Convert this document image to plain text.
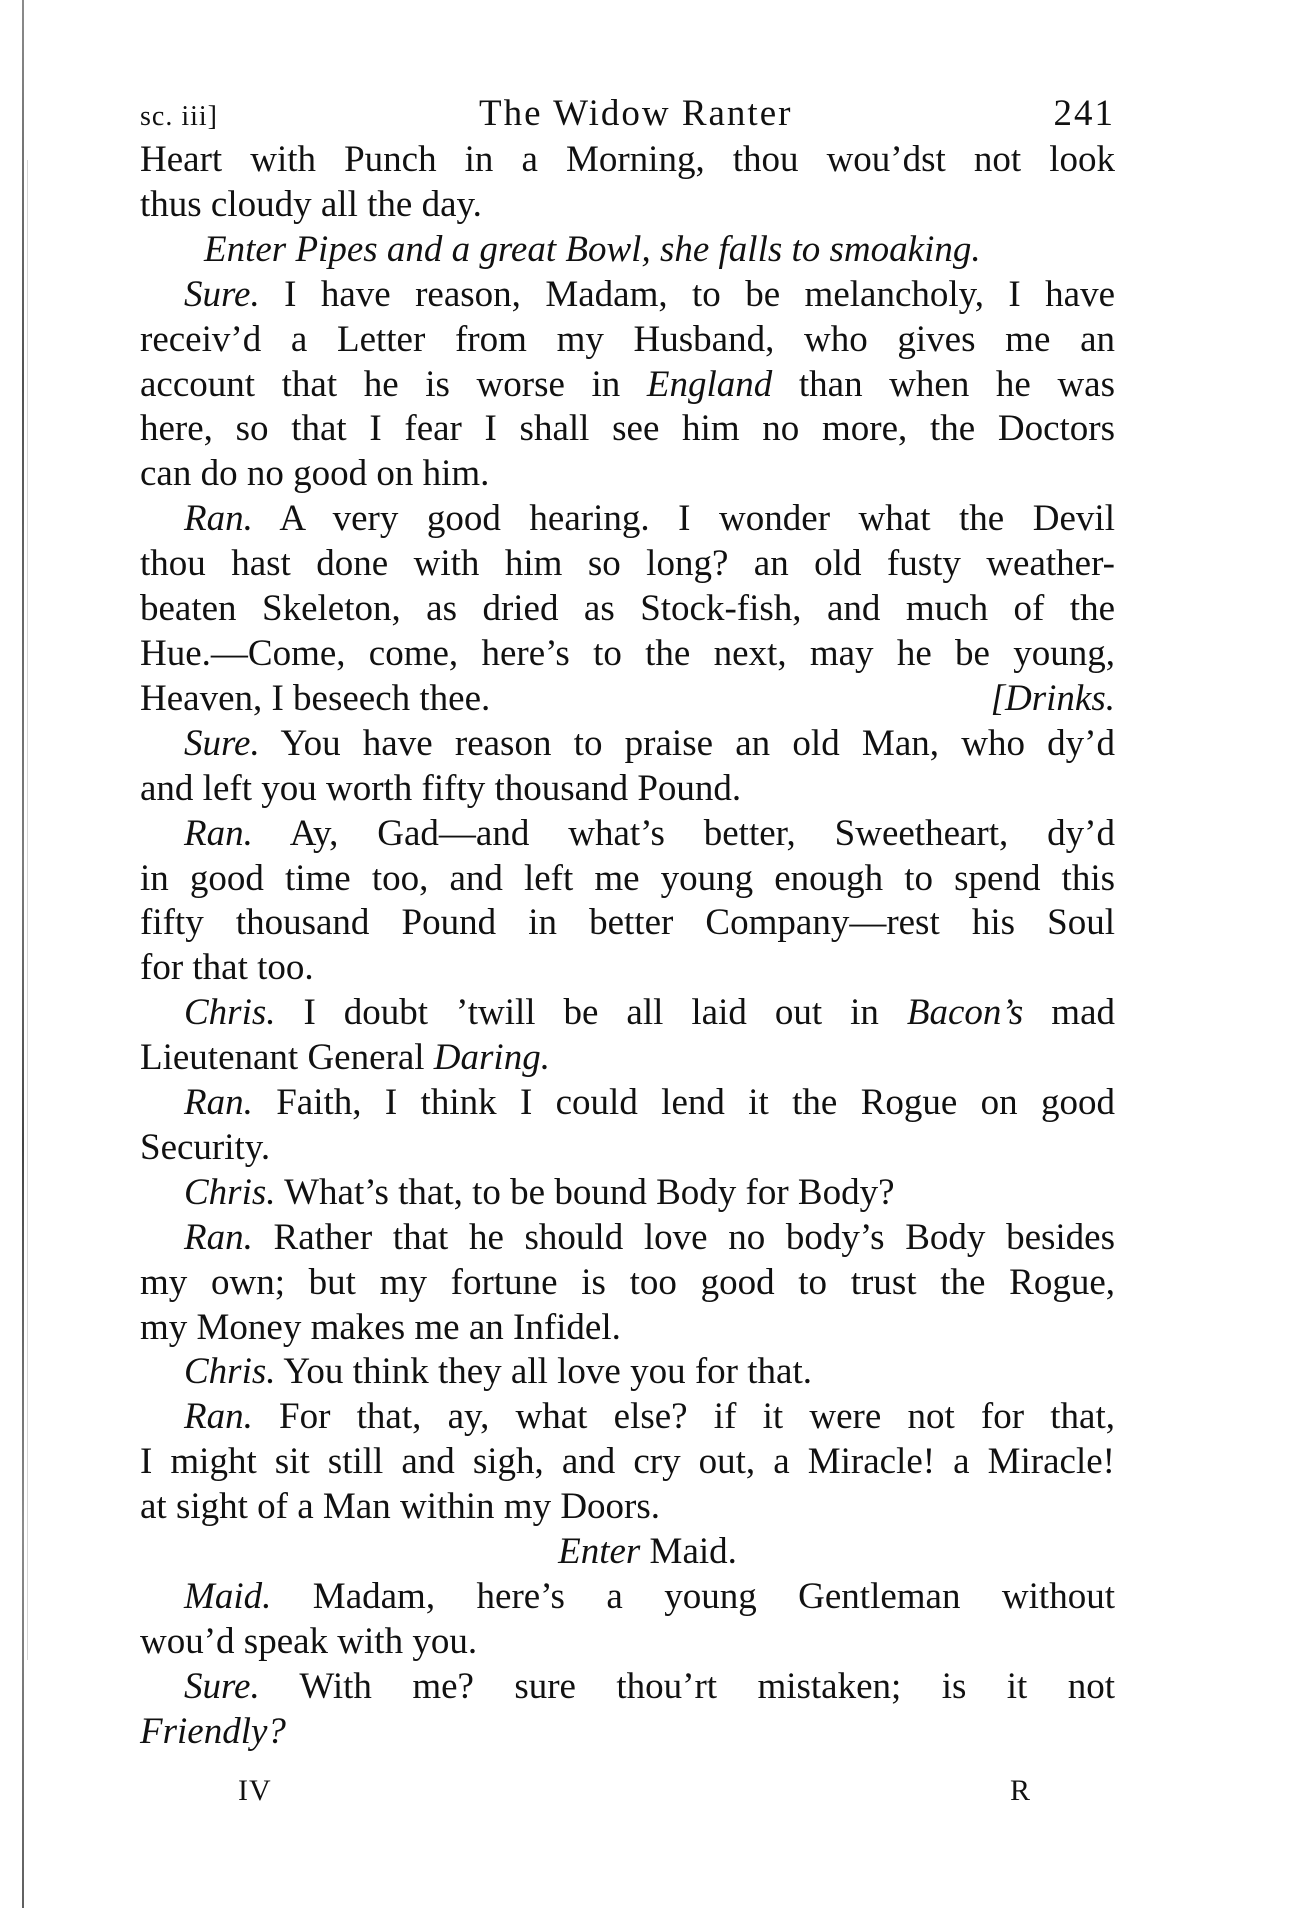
sc. iii]	The Widow Ranter	241
Heart with Punch in a Morning, thou wou’dst not look
thus cloudy all the day.
Enter Pipes and a great Bowl, she falls to smoaking.
Sure. I have reason, Madam, to be melancholy, I have
receiv’d a Letter from my Husband, who gives me an
account that he is worse in England than when he was
here, so that I fear I shall see him no more, the Doctors
can do no good on him.
Ran. A very good hearing. I wonder what the Devil
thou hast done with him so long? an old fusty weather-
beaten Skeleton, as dried as Stock-fish, and much of the
Hue.—Come, come, here’s to the next, may he be young,
Heaven, I beseech thee.	[Drinks.
Sure. You have reason to praise an old Man, who dy’d
and left you worth fifty thousand Pound.
Ran. Ay, Gad—and what’s better, Sweetheart, dy’d
in good time too, and left me young enough to spend this
fifty thousand Pound in better Company—rest his Soul
for that too.
Chris. I doubt ’twill be all laid out in Bacon’s mad
Lieutenant General Daring.
Ran. Faith, I think I could lend it the Rogue on good
Security.
Chris. What’s that, to be bound Body for Body?
Ran. Rather that he should love no body’s Body besides
my own; but my fortune is too good to trust the Rogue,
my Money makes me an Infidel.
Chris. You think they all love you for that.
Ran. For that, ay, what else? if it were not for that,
I might sit still and sigh, and cry out, a Miracle! a Miracle!
at sight of a Man within my Doors.
Enter Maid.
Maid. Madam, here’s a young Gentleman without
wou’d speak with you.
Sure. With me? sure thou’rt mistaken; is it not
Friendly?
IV	R
